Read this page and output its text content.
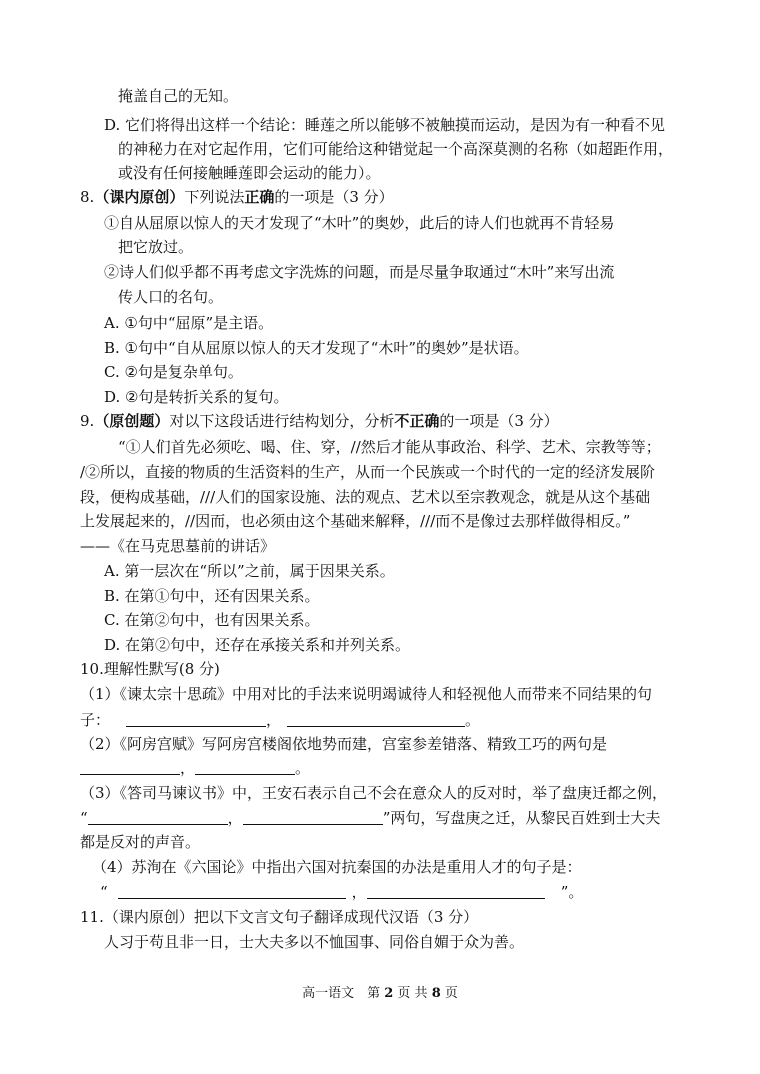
掩盖自己的无知。
D. 它们将得出这样一个结论：睡莲之所以能够不被触摸而运动，是因为有一种看不见
的神秘力在对它起作用，它们可能给这种错觉起一个高深莫测的名称（如超距作用，
或没有任何接触睡莲即会运动的能力）。
8.（课内原创）下列说法正确的一项是（3 分）
①自从屈原以惊人的天才发现了“木叶”的奥妙，此后的诗人们也就再不肯轻易
把它放过。
②诗人们似乎都不再考虑文字洗炼的问题，而是尽量争取通过“木叶”来写出流
传人口的名句。
A. ①句中“屈原”是主语。
B. ①句中“自从屈原以惊人的天才发现了“木叶”的奥妙”是状语。
C. ②句是复杂单句。
D. ②句是转折关系的复句。
9.（原创题）对以下这段话进行结构划分，分析不正确的一项是（3 分）
“①人们首先必须吃、喝、住、穿，//然后才能从事政治、科学、艺术、宗教等等；
/②所以，直接的物质的生活资料的生产，从而一个民族或一个时代的一定的经济发展阶
段，便构成基础，///人们的国家设施、法的观点、艺术以至宗教观念，就是从这个基础
上发展起来的，//因而，也必须由这个基础来解释，///而不是像过去那样做得相反。”
——《在马克思墓前的讲话》
A. 第一层次在“所以”之前，属于因果关系。
B. 在第①句中，还有因果关系。
C. 在第②句中，也有因果关系。
D. 在第②句中，还存在承接关系和并列关系。
10.理解性默写(8 分)
（1）《谏太宗十思疏》中用对比的手法来说明竭诚待人和轻视他人而带来不同结果的句
子：	，	。
（2）《阿房宫赋》写阿房宫楼阁依地势而建，宫室参差错落、精致工巧的两句是
，	。
（3）《答司马谏议书》中，王安石表示自己不会在意众人的反对时，举了盘庚迁都之例，
“	，	”两句，写盘庚之迁，从黎民百姓到士大夫
都是反对的声音。
（4）苏洵在《六国论》中指出六国对抗秦国的办法是重用人才的句子是：
“	，	”。
11.（课内原创）把以下文言文句子翻译成现代汉语（3 分）
人习于苟且非一日，士大夫多以不恤国事、同俗自媚于众为善。
高一语文　第 2 页 共 8 页
